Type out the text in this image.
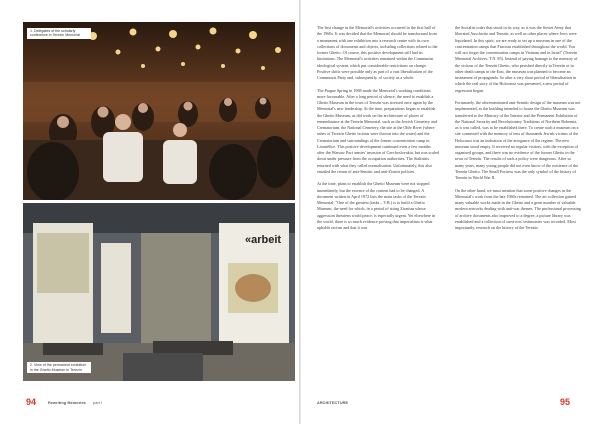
1. Delegates of the scholarly conference in Terezín Memorial
«arbeit
2. View of the permanent exhibition in the Ghetto Museum in Terezín

The first change in the Memorial's activities occurred in the first half of the 1960s. It was decided that the Memorial should be transformed from a monument with one exhibition into a research centre with its own collections of documents and objects, including collections related to the former Ghetto. Of course, this positive development still had its limitations. The Memorial's activities remained within the Communist ideological system, which put considerable restrictions on change. Positive shifts were possible only as part of a vast liberalisation of the Communist Party and, subsequently, of society as a whole.

The Prague Spring in 1968 made the Memorial's working conditions more favourable. After a long period of silence, the need to establish a Ghetto Museum in the town of Terezín was stressed once again by the Memorial's new leadership. At the time, preparations began to establish the Ghetto Museum, as did work on the architecture of places of remembrance at the Terezín Memorial, such as the Jewish Cemetery and Crematorium, the National Cemetery, the site at the Ohře River (where ashes of Terezín Ghetto victims were thrown into the water) and the Crematorium and surroundings of the former concentration camp in Litoměřice. This positive development continued even a few months after the Warsaw Pact armies' invasion of Czechoslovakia, but was scaled down under pressure from the occupation authorities. The Stalinists returned with what they called normalisation. Unfortunately, this also entailed the return of anti-Semitic and anti-Zionist policies.

At the time, plans to establish the Ghetto Museum were not stopped immediately, but the essence of the content had to be changed. A document written in April 1972 lists the main tasks of the Terezín Memorial: "One of the greatest (tasks – V.B.) is to build a Ghetto Museum, the need for which, in a period of rising Zionism whose aggression threatens world peace, is especially urgent. Yet elsewhere in the world, there is so much evidence proving that imperialism is what upholds racism and that it was

the Socialist order that stood in its way, as it was the Soviet Army that liberated Auschwitz and Terezín, as well as other places where Jews were liquidated. In this spirit, we are ready to set up a museum in one of the concentration camps that Fascism established throughout the world. You will not forget the concentration camps in Vietnam and in Israel" (Terezín Memorial Archives, T.N. 85). Instead of paying homage to the memory of the victims of the Terezín Ghetto, who perished directly in Terezín or in other death camps in the East, the museum was planned to become an instrument of propaganda. So after a very short period of liberalisation in which the real story of the Holocaust was presented, a new period of regression began.

Fortunately, the aforementioned anti-Semitic design of the museum was not implemented, as the building intended to house the Ghetto Museum was transferred to the Ministry of the Interior and the Permanent Exhibition of the National Security and Revolutionary Traditions of Northern Bohemia, as it was called, was to be established there. To create such a museum on a site connected with the memory of tens of thousands Jewish victims of the Holocaust was an indication of the arrogance of the regime. The new museum stood empty. It received no regular visitors, with the exception of organised groups, and there was no evidence of the former Ghetto in the town of Terezín. The results of such a policy were dangerous. After so many years, many young people did not even know of the existence of the Terezín Ghetto. The Small Fortress was the only symbol of the history of Terezín in World War II.

On the other hand, we must mention that some positive changes in the Memorial's work from the late 1960s remained. The art collection gained many valuable works made in the Ghetto and a great number of valuable modern artworks dealing with anti-war themes. The professional processing of archive documents also improved to a degree, a picture library was established and a collection of survivors' testimonies was recorded. Most importantly, research on the history of the Terezín

94	Rewriting Memories part I	ARCHITECTURE	95
